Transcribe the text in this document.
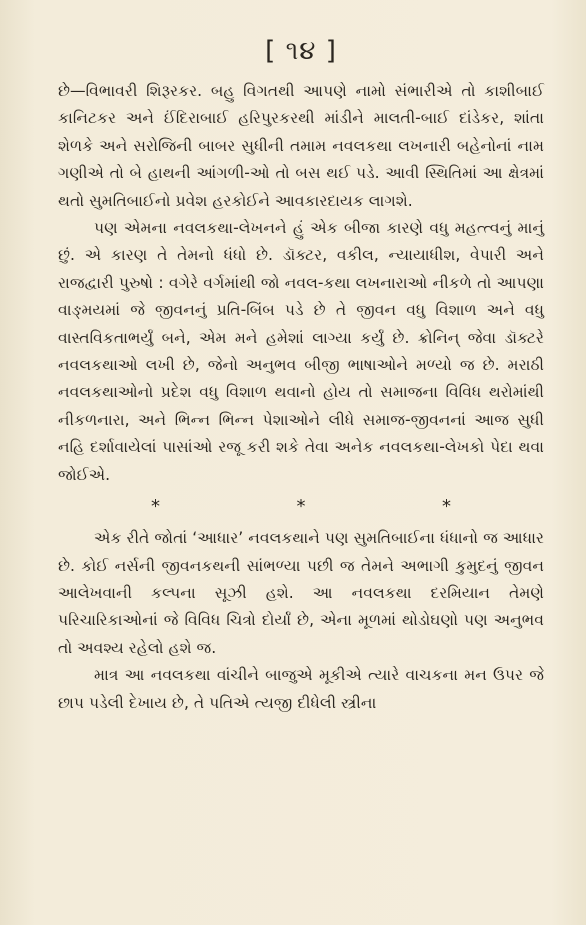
[ ૧૪ ]

છે—વિભાવરી શિરૂરકર. બહુ વિગતથી આપણે નામો સંભારીએ તો કાશીબાઈ કાનિટકર અને ઈંદિરાબાઈ હરિપુરકરથી માંડીને માલતી-બાઈ દાંડેકર, શાંતા શેળકે અને સરોજિની બાબર સુધીની તમામ નવલકથા લખનારી બહેનોનાં નામ ગણીએ તો બે હાથની આંગળી-ઓ તો બસ થઈ પડે. આવી સ્થિતિમાં આ ક્ષેત્રમાં થતો સુમતિબાઈનો પ્રવેશ હરકોઈને આવકારદાયક લાગશે.

પણ એમના નવલકથા-લેખનને હું એક બીજા કારણે વધુ મહત્ત્વનું માનું છું. એ કારણ તે તેમનો ધંધો છે. ડૉક્ટર, વકીલ, ન્યાયાધીશ, વેપારી અને રાજદ્વારી પુરુષો : વગેરે વર્ગમાંથી જો નવલ-કથા લખનારાઓ નીકળે તો આપણા વાઙ્મયમાં જે જીવનનું પ્રતિ-બિંબ પડે છે તે જીવન વધુ વિશાળ અને વધુ વાસ્તવિકતાભર્યું બને, એમ મને હમેશાં લાગ્યા કર્યું છે. ક્રોનિન્ જેવા ડૉક્ટરે નવલકથાઓ લખી છે, જેનો અનુભવ બીજી ભાષાઓને મળ્યો જ છે. મરાઠી નવલકથાઓનો પ્રદેશ વધુ વિશાળ થવાનો હોય તો સમાજના વિવિધ થરોમાંથી નીકળનારા, અને ભિન્ન ભિન્ન પેશાઓને લીધે સમાજ-જીવનનાં આજ સુધી નહિ દર્શાવાયેલાં પાસાંઓ રજૂ કરી શકે તેવા અનેક નવલકથા-લેખકો પેદા થવા જોઈએ.

*	*	*

એક રીતે જોતાં ‘આધાર’ નવલકથાને પણ સુમતિબાઈના ધંધાનો જ આધાર છે. કોઈ નર્સની જીવનકથની સાંભળ્યા પછી જ તેમને અભાગી કુમુદનું જીવન આલેખવાની કલ્પના સૂઝી હશે. આ નવલકથા દરમિયાન તેમણે પરિચારિકાઓનાં જે વિવિધ ચિત્રો દોર્યાં છે, એના મૂળમાં થોડોઘણો પણ અનુભવ તો અવશ્ય રહેલો હશે જ.

માત્ર આ નવલકથા વાંચીને બાજુએ મૂકીએ ત્યારે વાચકના મન ઉપર જે છાપ પડેલી દેખાય છે, તે પતિએ ત્યજી દીધેલી સ્ત્રીના
